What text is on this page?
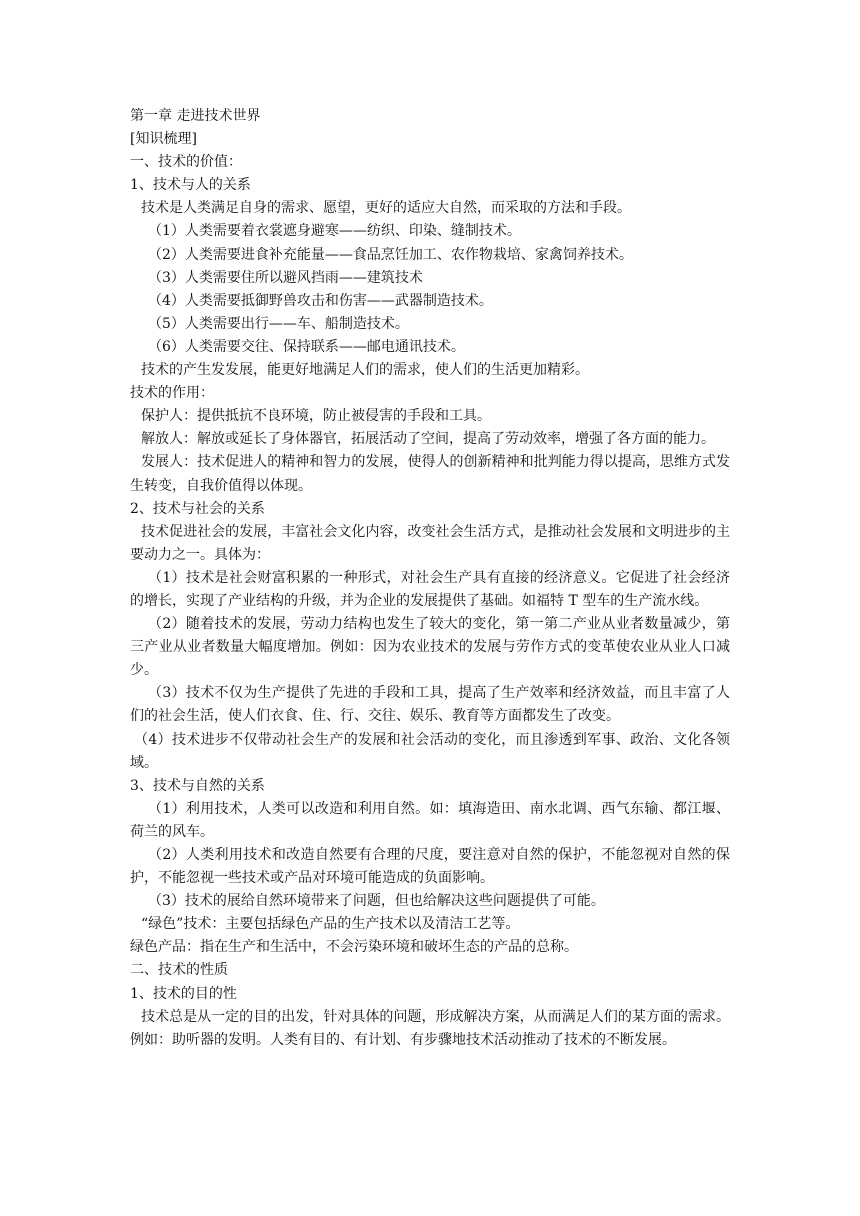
第一章 走进技术世界

[知识梳理]

一、技术的价值：

1、技术与人的关系

技术是人类满足自身的需求、愿望，更好的适应大自然，而采取的方法和手段。

（1）人类需要着衣裳遮身避寒——纺织、印染、缝制技术。

（2）人类需要进食补充能量——食品烹饪加工、农作物栽培、家禽饲养技术。

（3）人类需要住所以避风挡雨——建筑技术

（4）人类需要抵御野兽攻击和伤害——武器制造技术。

（5）人类需要出行——车、船制造技术。

（6）人类需要交往、保持联系——邮电通讯技术。

技术的产生发发展，能更好地满足人们的需求，使人们的生活更加精彩。

技术的作用：

保护人：提供抵抗不良环境，防止被侵害的手段和工具。

解放人：解放或延长了身体器官，拓展活动了空间，提高了劳动效率，增强了各方面的能力。

发展人：技术促进人的精神和智力的发展，使得人的创新精神和批判能力得以提高，思维方式发生转变，自我价值得以体现。

2、技术与社会的关系

技术促进社会的发展，丰富社会文化内容，改变社会生活方式，是推动社会发展和文明进步的主要动力之一。具体为：

（1）技术是社会财富积累的一种形式，对社会生产具有直接的经济意义。它促进了社会经济的增长，实现了产业结构的升级，并为企业的发展提供了基础。如福特 T 型车的生产流水线。

（2）随着技术的发展，劳动力结构也发生了较大的变化，第一第二产业从业者数量减少，第三产业从业者数量大幅度增加。例如：因为农业技术的发展与劳作方式的变革使农业从业人口减少。

（3）技术不仅为生产提供了先进的手段和工具，提高了生产效率和经济效益，而且丰富了人们的社会生活，使人们衣食、住、行、交往、娱乐、教育等方面都发生了改变。

（4）技术进步不仅带动社会生产的发展和社会活动的变化，而且渗透到军事、政治、文化各领域。

3、技术与自然的关系

（1）利用技术，人类可以改造和利用自然。如：填海造田、南水北调、西气东输、都江堰、荷兰的风车。

（2）人类利用技术和改造自然要有合理的尺度，要注意对自然的保护，不能忽视对自然的保护，不能忽视一些技术或产品对环境可能造成的负面影响。

（3）技术的展给自然环境带来了问题，但也给解决这些问题提供了可能。

“绿色”技术：主要包括绿色产品的生产技术以及清洁工艺等。

绿色产品：指在生产和生活中，不会污染环境和破坏生态的产品的总称。

二、技术的性质

1、技术的目的性

技术总是从一定的目的出发，针对具体的问题，形成解决方案，从而满足人们的某方面的需求。例如：助听器的发明。人类有目的、有计划、有步骤地技术活动推动了技术的不断发展。
